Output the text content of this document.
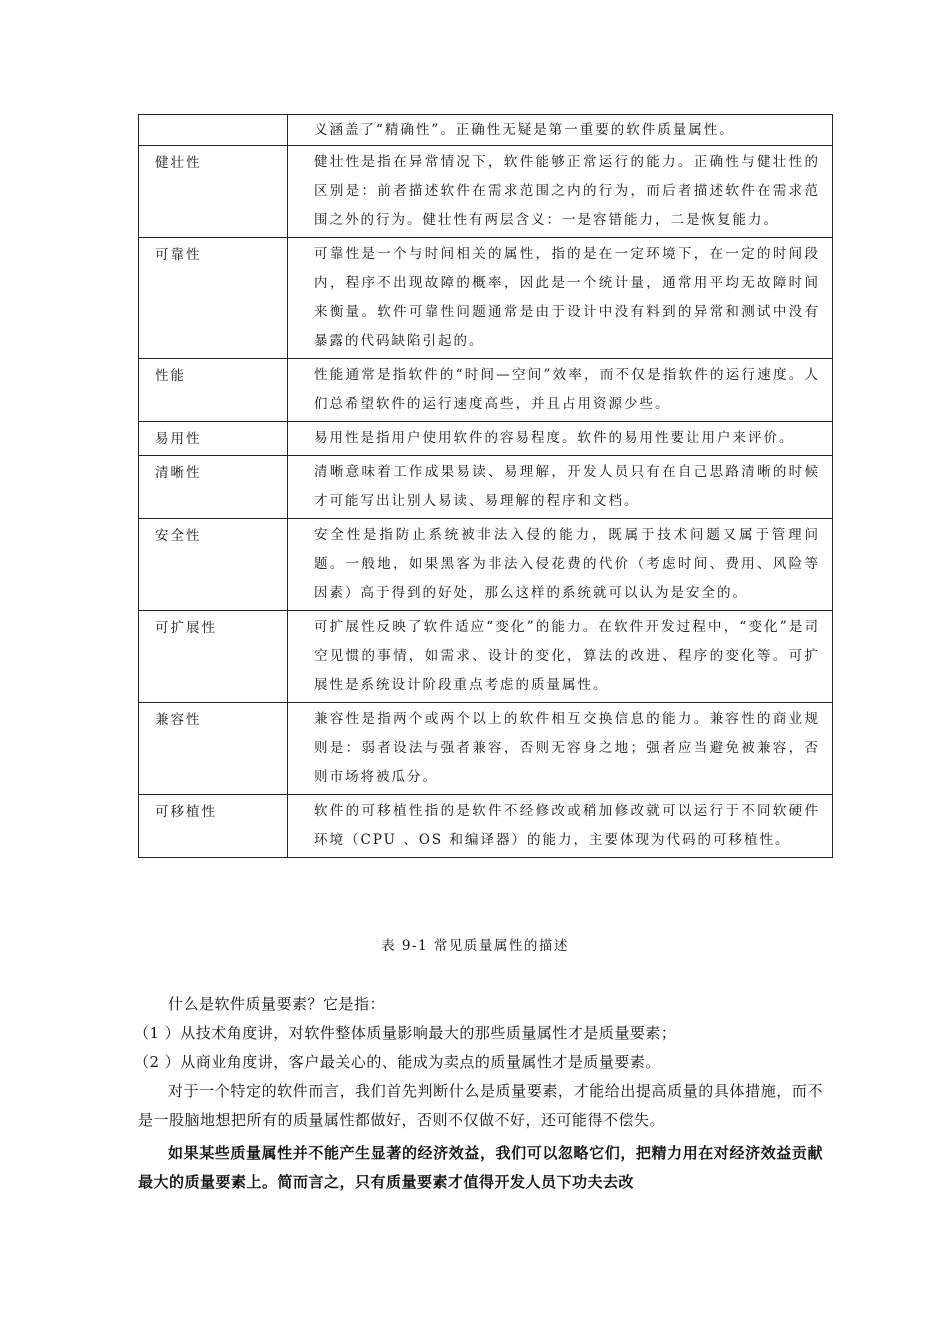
	义涵盖了“精确性”。正确性无疑是第一重要的软件质量属性。
健壮性	健壮性是指在异常情况下，软件能够正常运行的能力。正确性与健壮性的区别是：前者描述软件在需求范围之内的行为，而后者描述软件在需求范围之外的行为。健壮性有两层含义：一是容错能力，二是恢复能力。
可靠性	可靠性是一个与时间相关的属性，指的是在一定环境下，在一定的时间段内，程序不出现故障的概率，因此是一个统计量，通常用平均无故障时间来衡量。软件可靠性问题通常是由于设计中没有料到的异常和测试中没有暴露的代码缺陷引起的。
性能	性能通常是指软件的“时间—空间”效率，而不仅是指软件的运行速度。人们总希望软件的运行速度高些，并且占用资源少些。
易用性	易用性是指用户使用软件的容易程度。软件的易用性要让用户来评价。
清晰性	清晰意味着工作成果易读、易理解，开发人员只有在自己思路清晰的时候才可能写出让别人易读、易理解的程序和文档。
安全性	安全性是指防止系统被非法入侵的能力，既属于技术问题又属于管理问题。一般地，如果黑客为非法入侵花费的代价（考虑时间、费用、风险等因素）高于得到的好处，那么这样的系统就可以认为是安全的。
可扩展性	可扩展性反映了软件适应“变化”的能力。在软件开发过程中，“变化”是司空见惯的事情，如需求、设计的变化，算法的改进、程序的变化等。可扩展性是系统设计阶段重点考虑的质量属性。
兼容性	兼容性是指两个或两个以上的软件相互交换信息的能力。兼容性的商业规则是：弱者设法与强者兼容，否则无容身之地；强者应当避免被兼容，否则市场将被瓜分。
可移植性	软件的可移植性指的是软件不经修改或稍加修改就可以运行于不同软硬件环境（CPU 、OS 和编译器）的能力，主要体现为代码的可移植性。
表 9-1 常见质量属性的描述

什么是软件质量要素？它是指：

（1 ）从技术角度讲，对软件整体质量影响最大的那些质量属性才是质量要素；

（2 ）从商业角度讲，客户最关心的、能成为卖点的质量属性才是质量要素。

对于一个特定的软件而言，我们首先判断什么是质量要素，才能给出提高质量的具体措施，而不是一股脑地想把所有的质量属性都做好，否则不仅做不好，还可能得不偿失。

如果某些质量属性并不能产生显著的经济效益，我们可以忽略它们，把精力用在对经济效益贡献最大的质量要素上。简而言之，只有质量要素才值得开发人员下功夫去改
